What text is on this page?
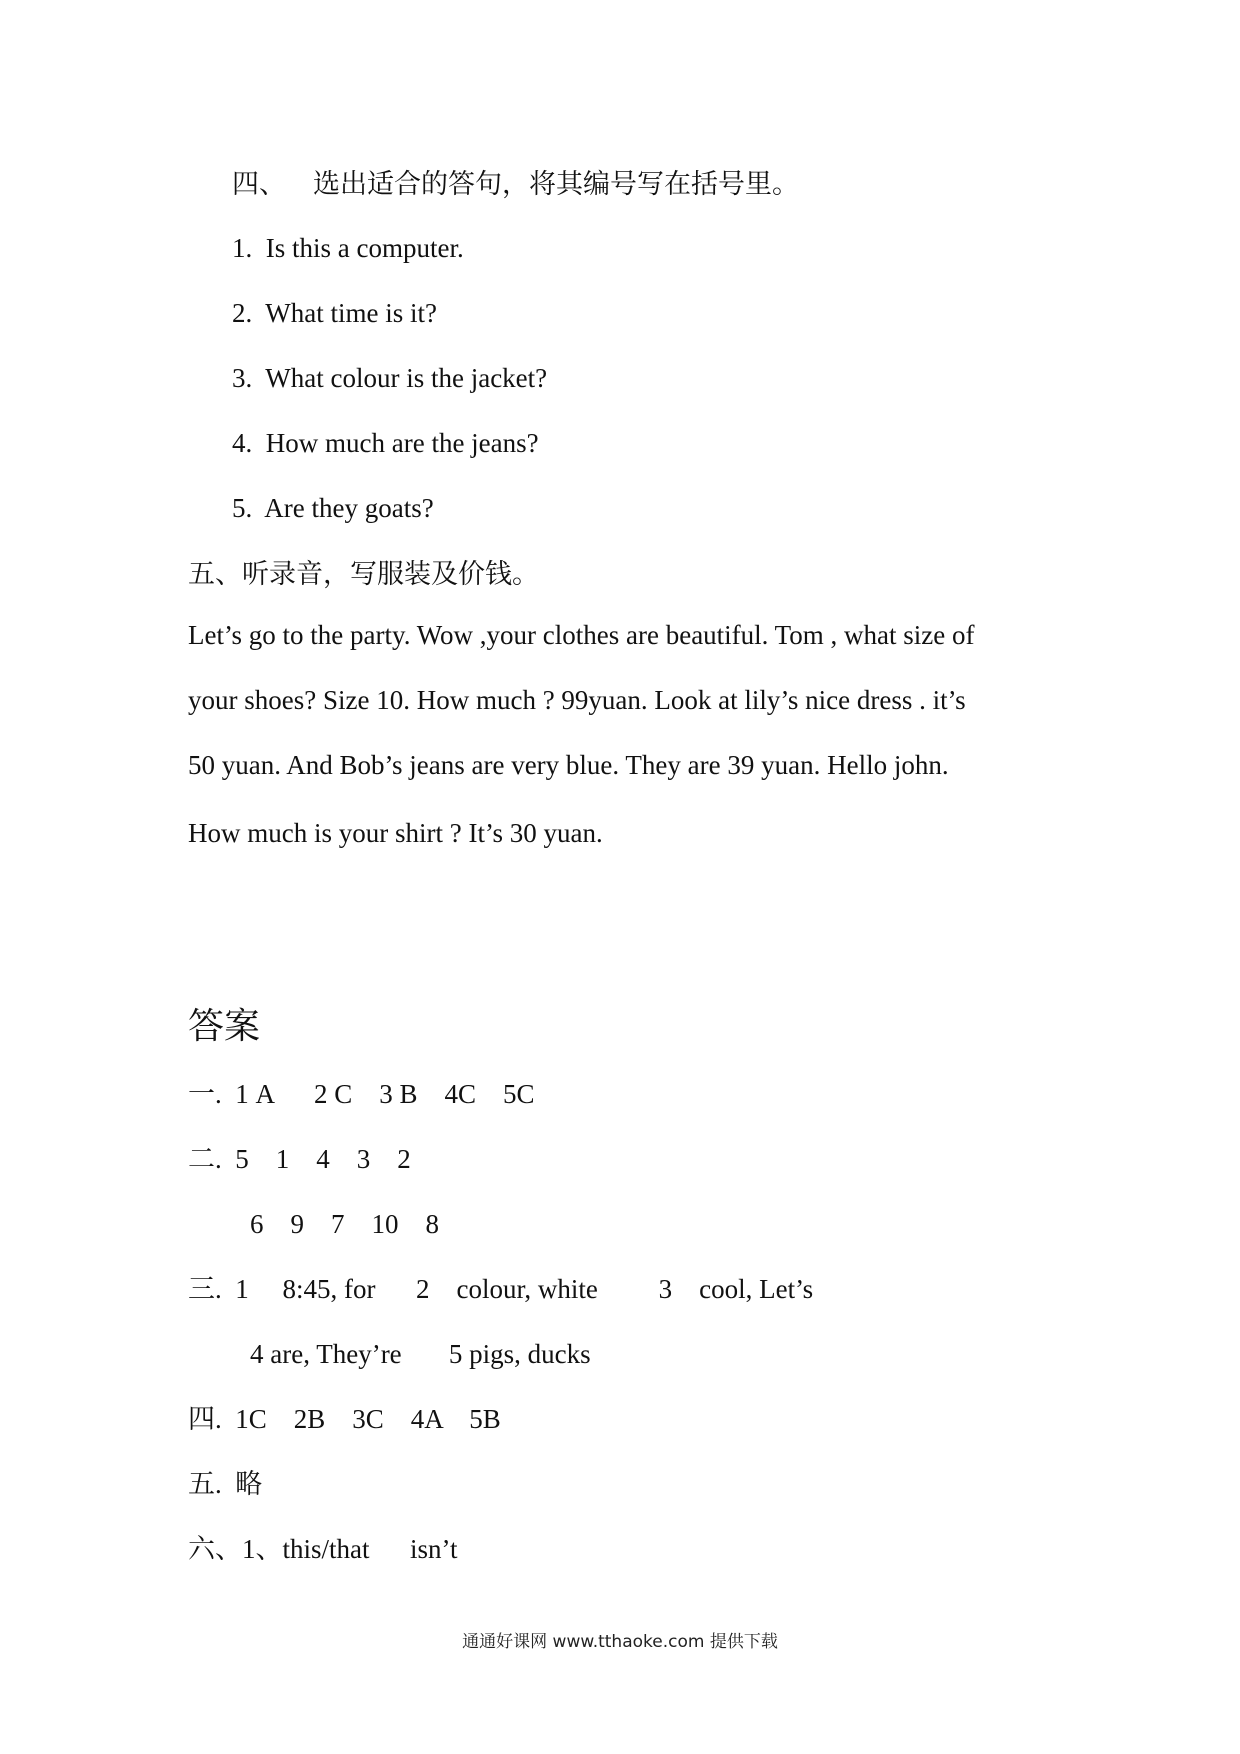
四、    选出适合的答句，将其编号写在括号里。
1.  Is this a computer.
2.  What time is it?
3.  What colour is the jacket?
4.  How much are the jeans?
5.  Are they goats?
五、听录音，写服装及价钱。
Let’s go to the party. Wow ,your clothes are beautiful. Tom , what size of
your shoes? Size 10. How much ? 99yuan. Look at lily’s nice dress . it’s
50 yuan. And Bob’s jeans are very blue. They are 39 yuan. Hello john.
How much is your shirt ? It’s 30 yuan.
答案
一.  1 A      2 C    3 B    4C    5C
二.  5    1    4    3    2
6    9    7    10    8
三.  1     8:45, for      2    colour, white         3    cool, Let’s
4 are, They’re       5 pigs, ducks
四.  1C    2B    3C    4A    5B
五.  略
六、1、this/that      isn’t
通通好课网 www.tthaoke.com 提供下载
